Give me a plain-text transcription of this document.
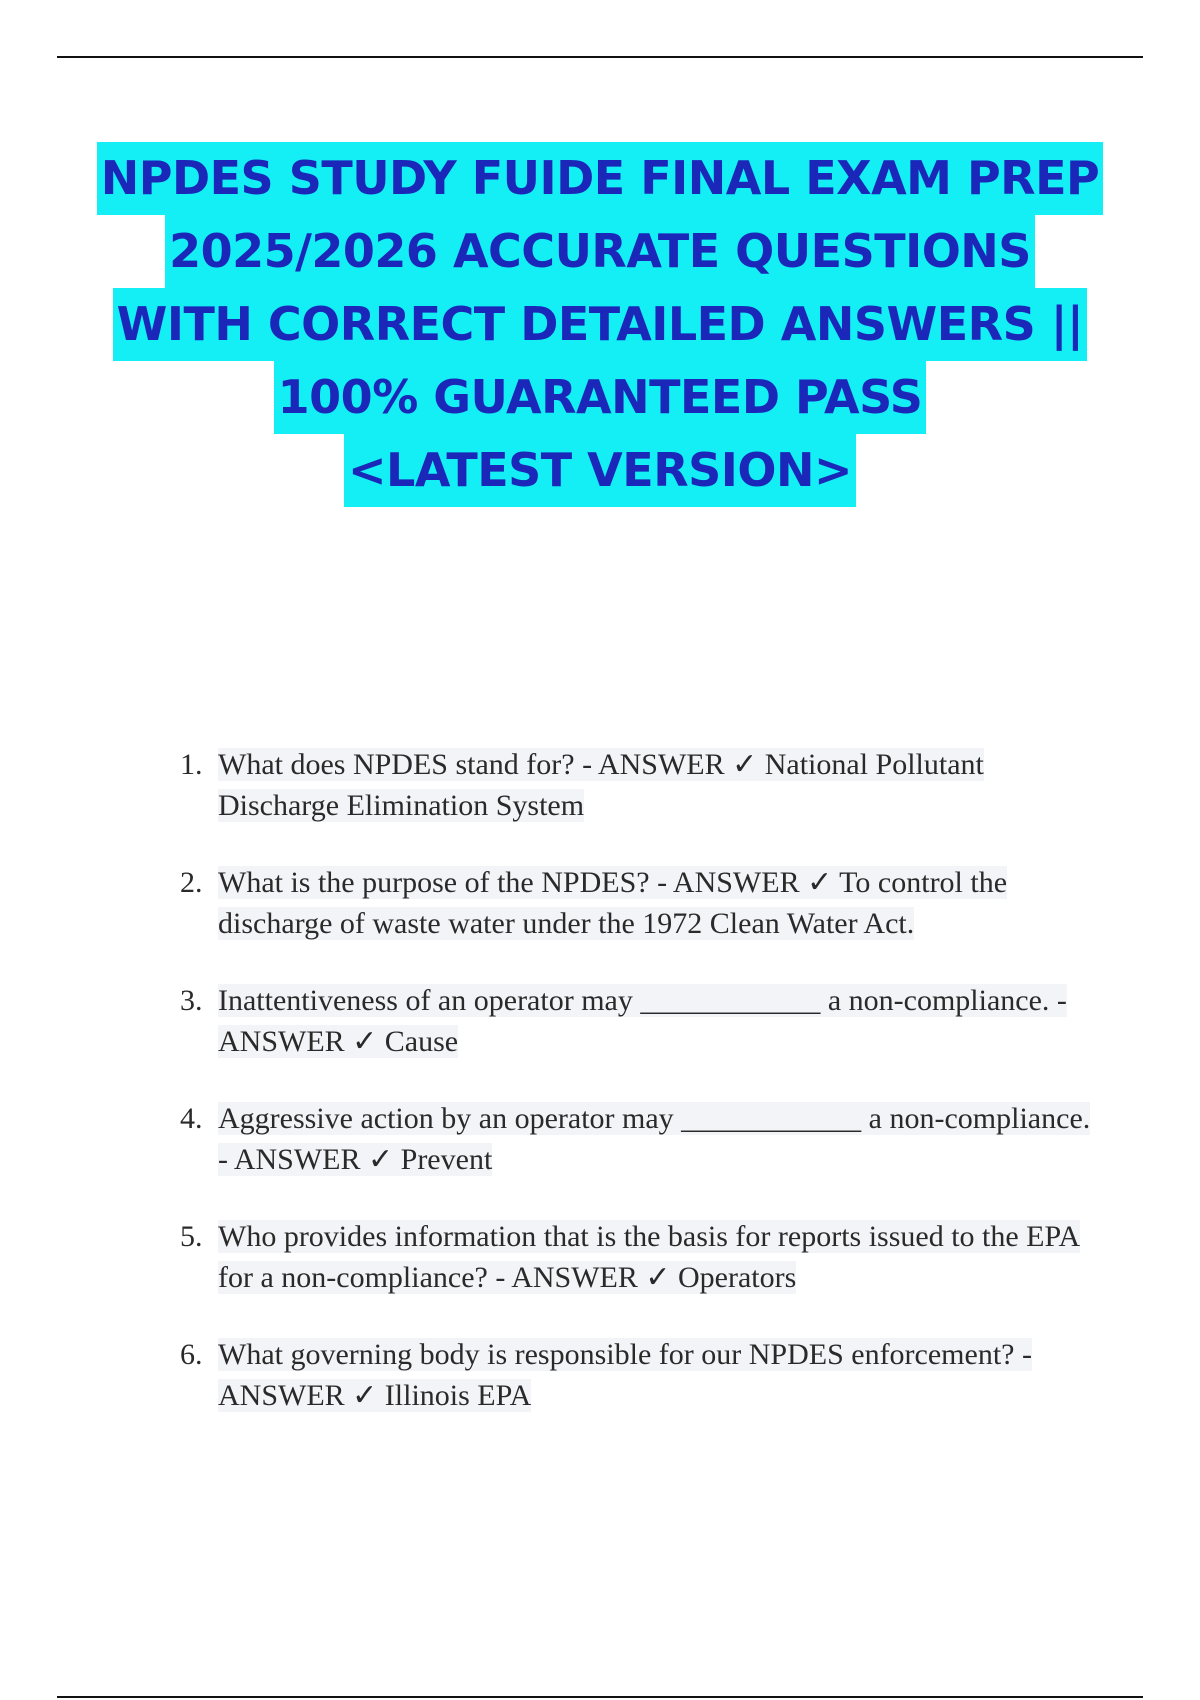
NPDES STUDY FUIDE FINAL EXAM PREP
2025/2026 ACCURATE QUESTIONS
WITH CORRECT DETAILED ANSWERS ||
100% GUARANTEED PASS
<LATEST VERSION>
1. What does NPDES stand for? - ANSWER ✓ National Pollutant Discharge Elimination System
2. What is the purpose of the NPDES? - ANSWER ✓ To control the discharge of waste water under the 1972 Clean Water Act.
3. Inattentiveness of an operator may ____________ a non-compliance. - ANSWER ✓ Cause
4. Aggressive action by an operator may ____________ a non-compliance. - ANSWER ✓ Prevent
5. Who provides information that is the basis for reports issued to the EPA for a non-compliance? - ANSWER ✓ Operators
6. What governing body is responsible for our NPDES enforcement? - ANSWER ✓ Illinois EPA
